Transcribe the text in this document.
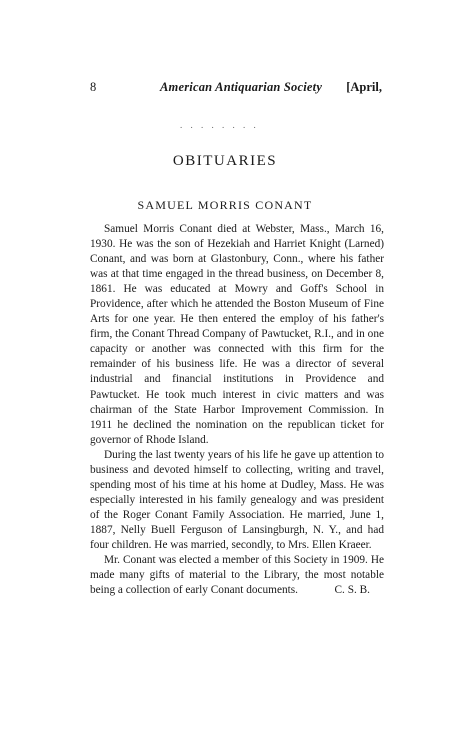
8	American Antiquarian Society [April,
. . . . . . . .
OBITUARIES
SAMUEL MORRIS CONANT

Samuel Morris Conant died at Webster, Mass., March 16, 1930. He was the son of Hezekiah and Harriet Knight (Larned) Conant, and was born at Glastonbury, Conn., where his father was at that time engaged in the thread business, on December 8, 1861. He was educated at Mowry and Goff's School in Providence, after which he attended the Boston Museum of Fine Arts for one year. He then entered the employ of his father's firm, the Conant Thread Company of Pawtucket, R.I., and in one capacity or another was connected with this firm for the remainder of his business life. He was a director of several industrial and financial institutions in Providence and Pawtucket. He took much interest in civic matters and was chairman of the State Harbor Improvement Commission. In 1911 he declined the nomination on the republican ticket for governor of Rhode Island.

During the last twenty years of his life he gave up attention to business and devoted himself to collecting, writing and travel, spending most of his time at his home at Dudley, Mass. He was especially interested in his family genealogy and was president of the Roger Conant Family Association. He married, June 1, 1887, Nelly Buell Ferguson of Lansingburgh, N. Y., and had four children. He was married, secondly, to Mrs. Ellen Kraeer.

Mr. Conant was elected a member of this Society in 1909. He made many gifts of material to the Library, the most notable being a collection of early Conant documents.	C. S. B.
